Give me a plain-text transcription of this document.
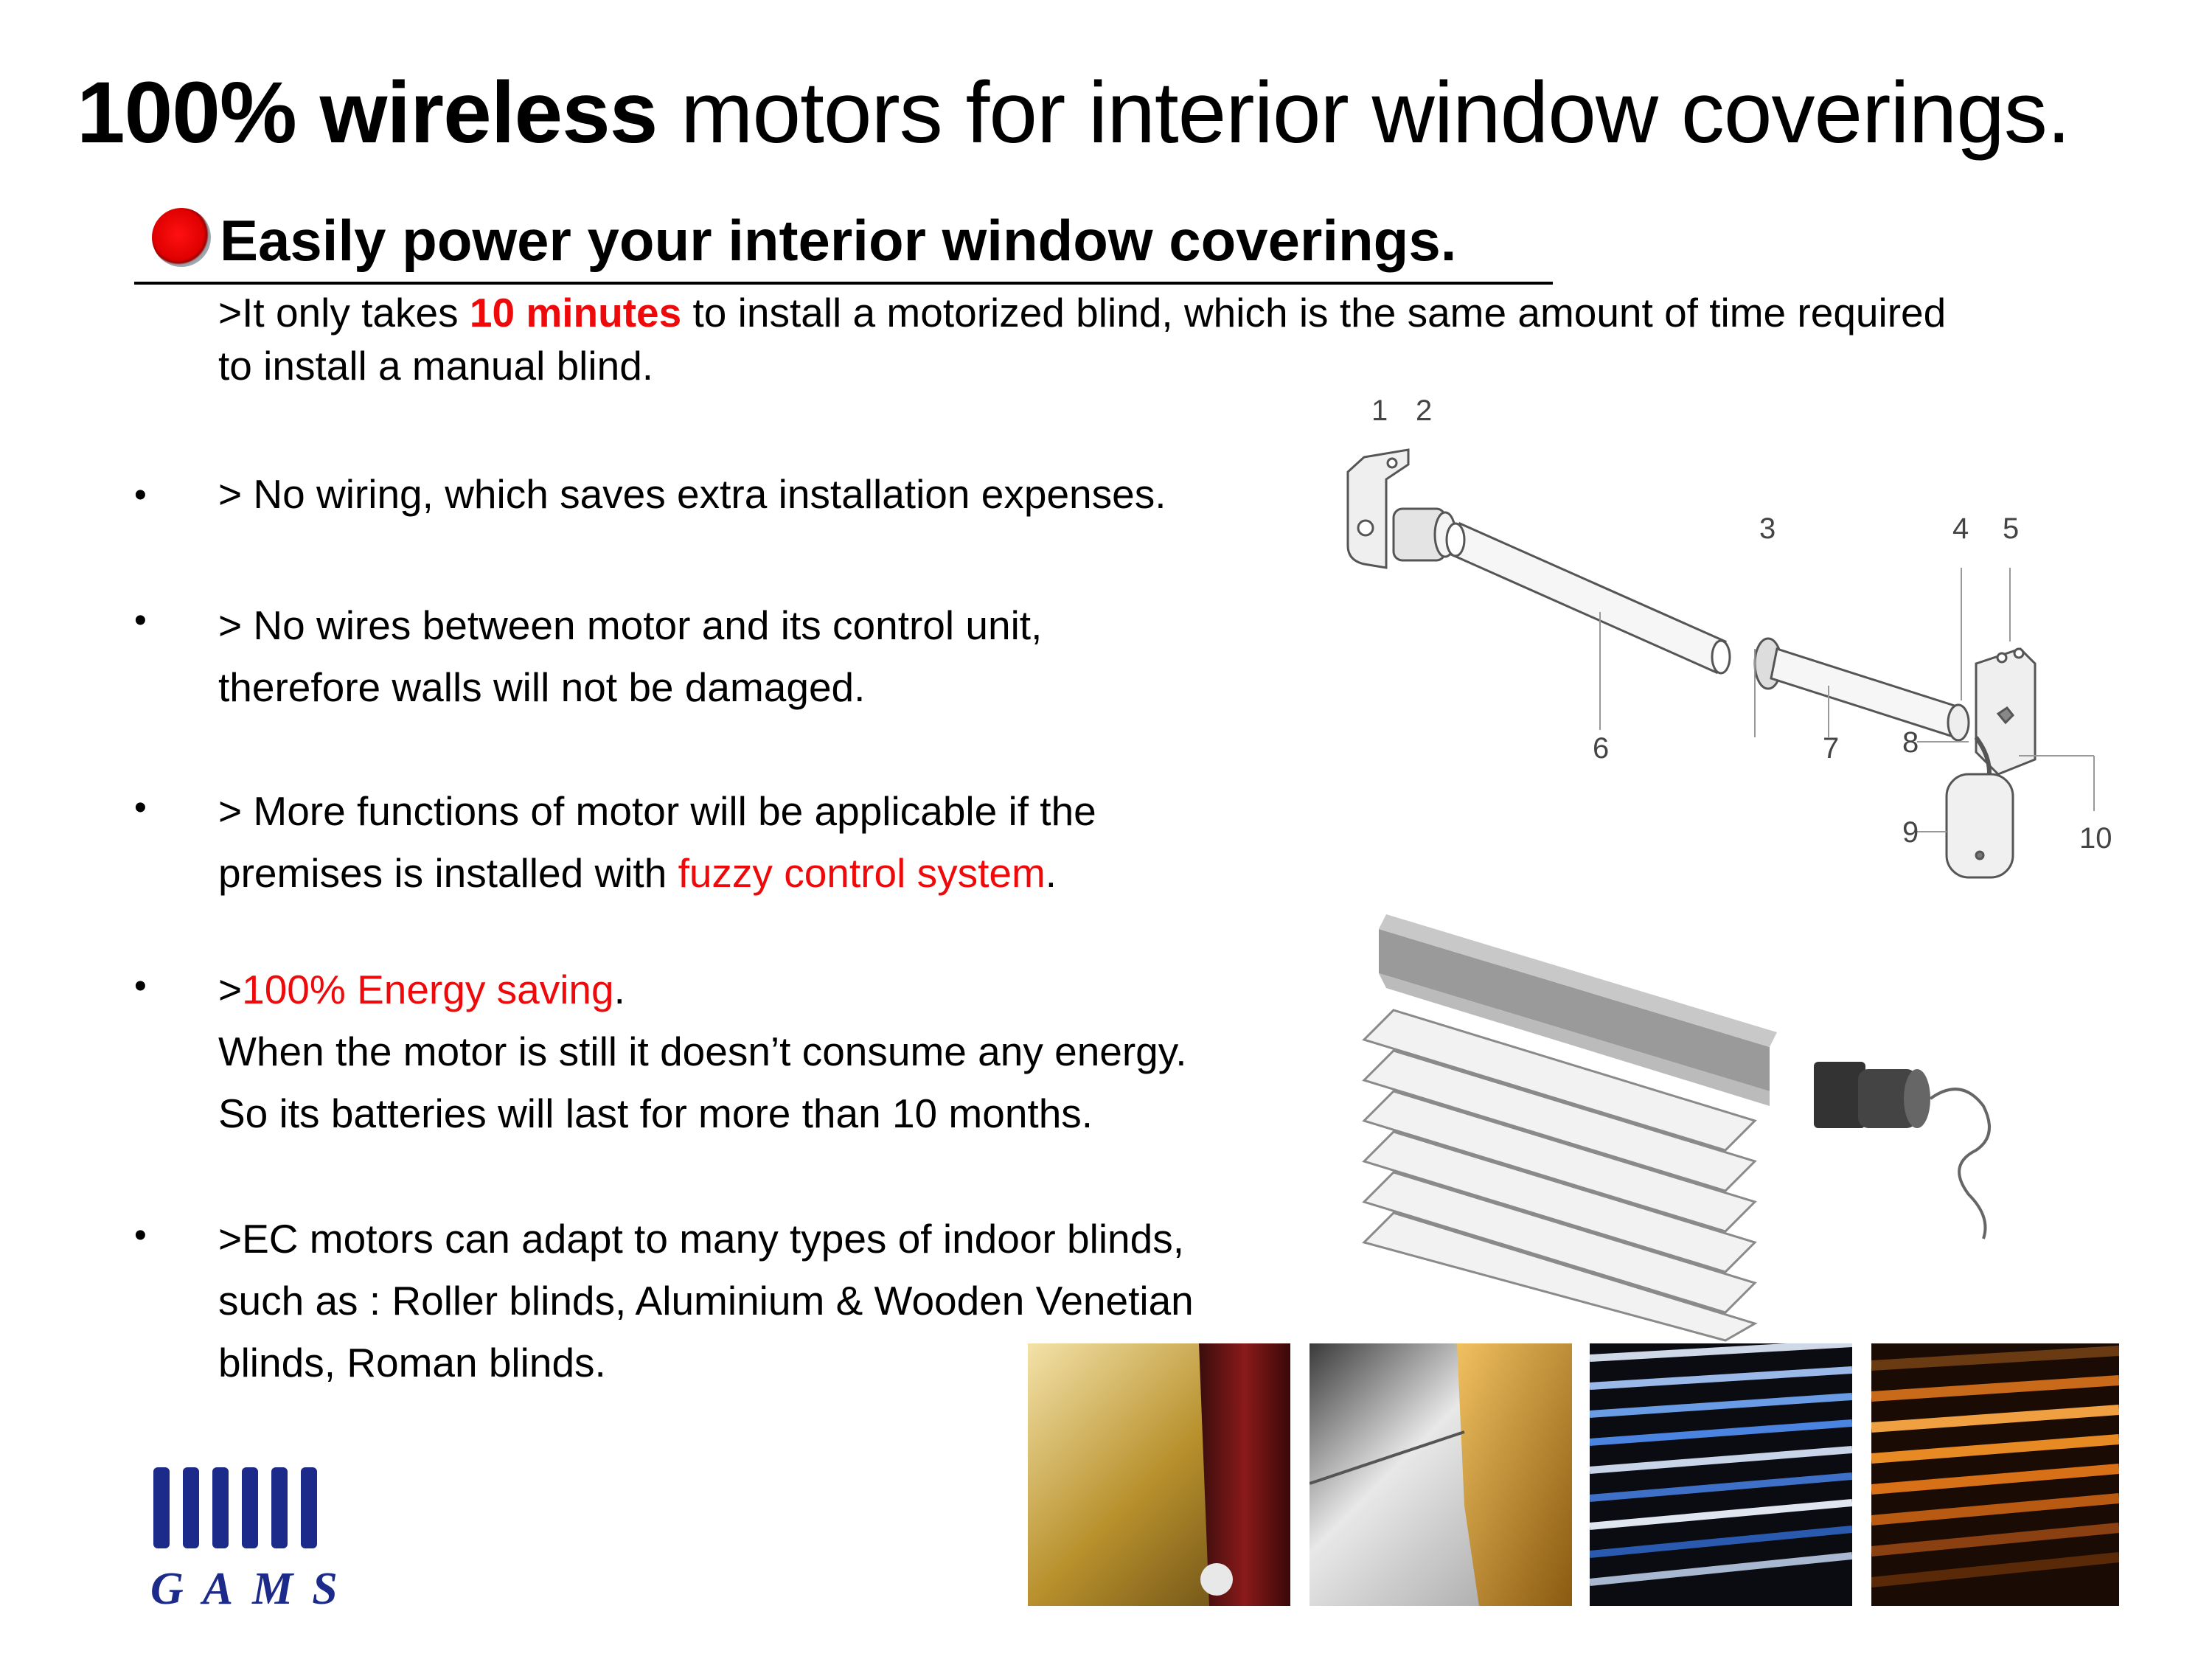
100% wireless motors for interior window coverings.
Easily power your interior window coverings.
>It only takes 10 minutes to install a motorized blind, which is the same amount of time required
to install a manual blind.
• > No wiring, which saves extra installation expenses.
• > No wires between motor and its control unit,
therefore walls will not be damaged.
• > More functions of motor will be applicable if the
premises is installed with fuzzy control system.
• >100% Energy saving.
When the motor is still it doesn’t consume any energy.
So its batteries will last for more than 10 months.
• >EC motors can adapt to many types of indoor blinds,
such as : Roller blinds, Aluminium & Wooden Venetian
blinds, Roman blinds.
1 2
3	4 5
6	7 8
9	10
GAMS
